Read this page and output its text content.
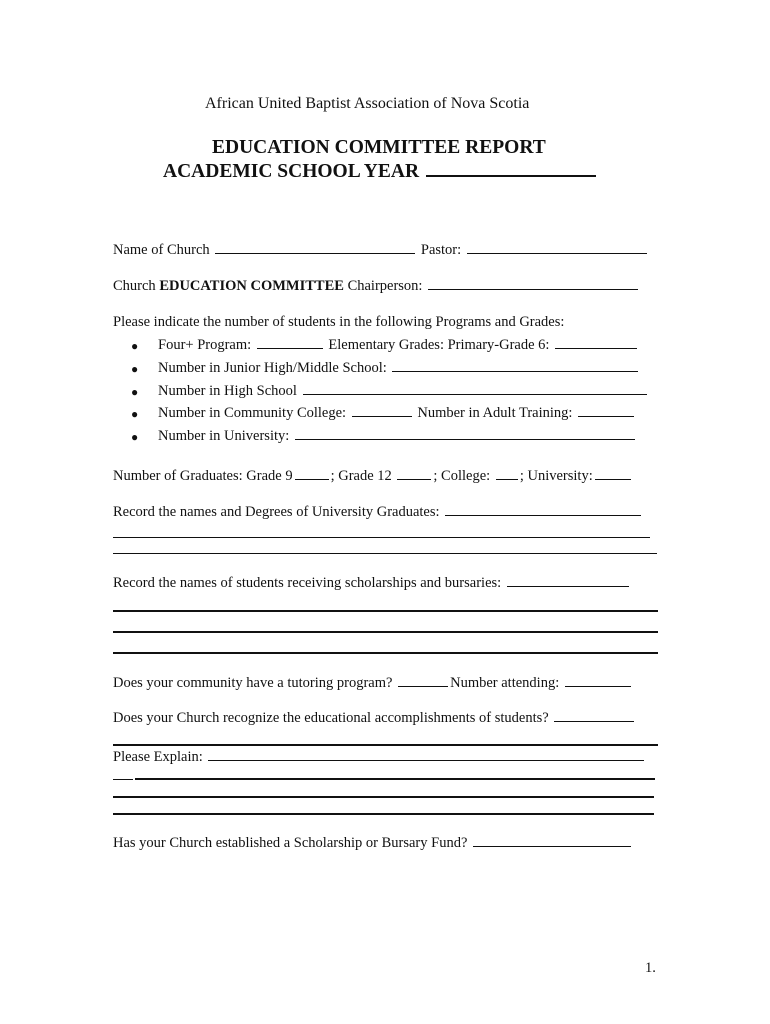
African United Baptist Association of Nova Scotia
EDUCATION COMMITTEE REPORT
ACADEMIC SCHOOL YEAR
Name of Church	Pastor:
Church EDUCATION COMMITTEE Chairperson:
Please indicate the number of students in the following Programs and Grades:
● Four+ Program:	Elementary Grades: Primary-Grade 6:
● Number in Junior High/Middle School:
● Number in High School
● Number in Community College:	Number in Adult Training:
● Number in University:
Number of Graduates: Grade 9	; Grade 12	; College: ; University:
Record the names and Degrees of University Graduates:
Record the names of students receiving scholarships and bursaries:
Does your community have a tutoring program?	Number attending:
Does your Church recognize the educational accomplishments of students?
Please Explain:
Has your Church established a Scholarship or Bursary Fund?
1.
